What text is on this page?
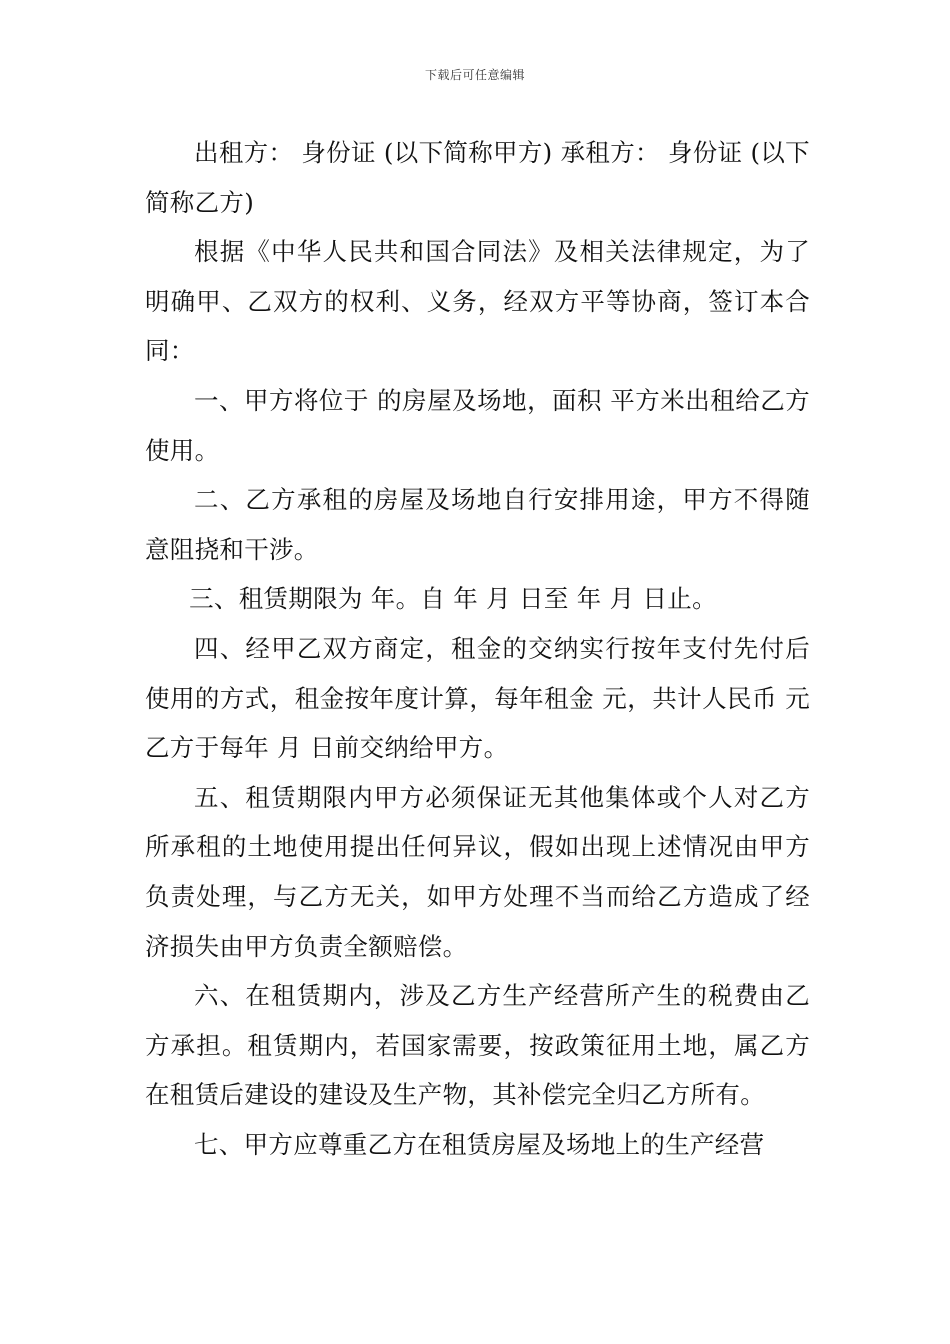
下载后可任意编辑

出租方： 身份证 (以下简称甲方) 承租方： 身份证 (以下简称乙方)

根据《中华人民共和国合同法》及相关法律规定，为了明确甲、乙双方的权利、义务，经双方平等协商，签订本合同：

一、甲方将位于 的房屋及场地，面积 平方米出租给乙方使用。

二、乙方承租的房屋及场地自行安排用途，甲方不得随意阻挠和干涉。

三、租赁期限为 年。自 年 月 日至 年 月 日止。

四、经甲乙双方商定，租金的交纳实行按年支付先付后使用的方式，租金按年度计算，每年租金 元，共计人民币 元乙方于每年 月 日前交纳给甲方。

五、租赁期限内甲方必须保证无其他集体或个人对乙方所承租的土地使用提出任何异议，假如出现上述情况由甲方负责处理，与乙方无关，如甲方处理不当而给乙方造成了经济损失由甲方负责全额赔偿。

六、在租赁期内，涉及乙方生产经营所产生的税费由乙方承担。租赁期内，若国家需要，按政策征用土地，属乙方在租赁后建设的建设及生产物，其补偿完全归乙方所有。

七、甲方应尊重乙方在租赁房屋及场地上的生产经营
